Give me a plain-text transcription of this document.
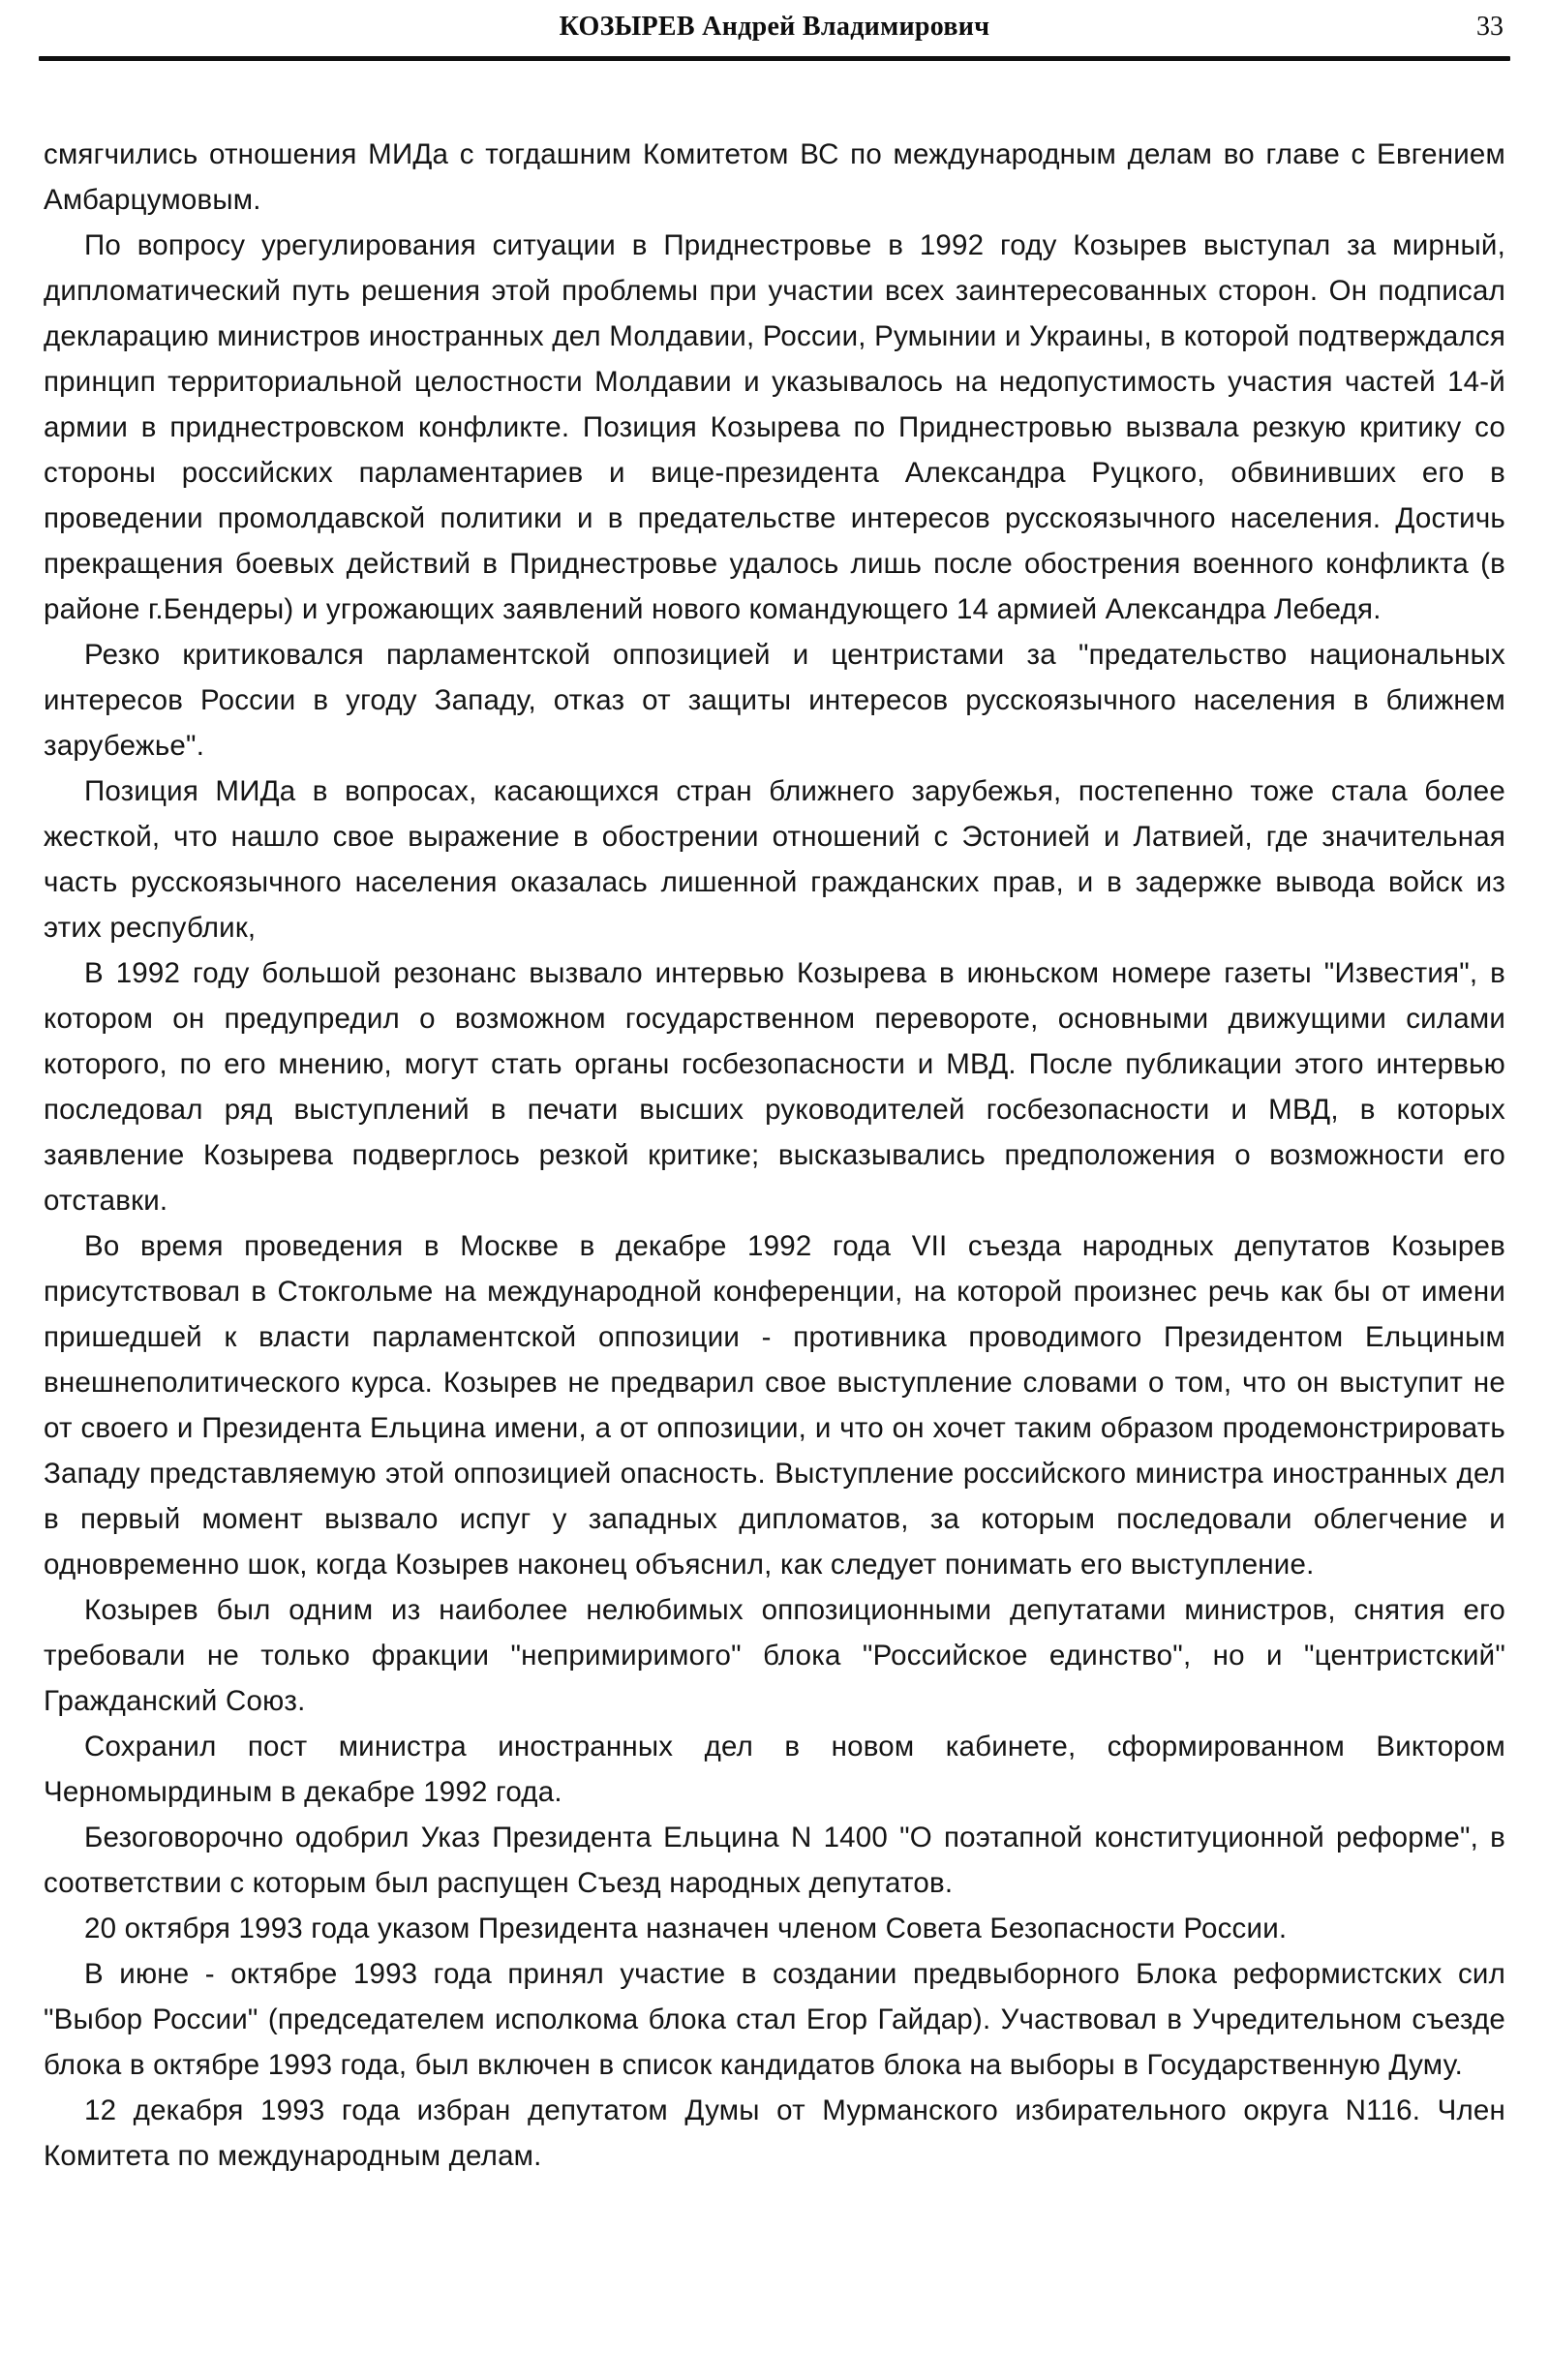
КОЗЫРЕВ Андрей Владимирович	33

смягчились отношения МИДа с тогдашним Комитетом ВС по международным делам во главе с Евгением Амбарцумовым.

По вопросу урегулирования ситуации в Приднестровье в 1992 году Козырев выступал за мирный, дипломатический путь решения этой проблемы при участии всех заинтересованных сторон. Он подписал декларацию министров иностранных дел Молдавии, России, Румынии и Украины, в которой подтверждался принцип территориальной целостности Молдавии и указывалось на недопустимость участия частей 14-й армии в приднестровском конфликте. Позиция Козырева по Приднестровью вызвала резкую критику со стороны российских парламентариев и вице-президента Александра Руцкого, обвинивших его в проведении промолдавской политики и в предательстве интересов русскоязычного населения. Достичь прекращения боевых действий в Приднестровье удалось лишь после обострения военного конфликта (в районе г.Бендеры) и угрожающих заявлений нового командующего 14 армией Александра Лебедя.

Резко критиковался парламентской оппозицией и центристами за "предательство национальных интересов России в угоду Западу, отказ от защиты интересов русскоязычного населения в ближнем зарубежье".

Позиция МИДа в вопросах, касающихся стран ближнего зарубежья, постепенно тоже стала более жесткой, что нашло свое выражение в обострении отношений с Эстонией и Латвией, где значительная часть русскоязычного населения оказалась лишенной гражданских прав, и в задержке вывода войск из этих республик,

В 1992 году большой резонанс вызвало интервью Козырева в июньском номере газеты "Известия", в котором он предупредил о возможном государственном перевороте, основными движущими силами которого, по его мнению, могут стать органы госбезопасности и МВД. После публикации этого интервью последовал ряд выступлений в печати высших руководителей госбезопасности и МВД, в которых заявление Козырева подверглось резкой критике; высказывались предположения о возможности его отставки.

Во время проведения в Москве в декабре 1992 года VII съезда народных депутатов Козырев присутствовал в Стокгольме на международной конференции, на которой произнес речь как бы от имени пришедшей к власти парламентской оппозиции - противника проводимого Президентом Ельциным внешнеполитического курса. Козырев не предварил свое выступление словами о том, что он выступит не от своего и Президента Ельцина имени, а от оппозиции, и что он хочет таким образом продемонстрировать Западу представляемую этой оппозицией опасность. Выступление российского министра иностранных дел в первый момент вызвало испуг у западных дипломатов, за которым последовали облегчение и одновременно шок, когда Козырев наконец объяснил, как следует понимать его выступление.

Козырев был одним из наиболее нелюбимых оппозиционными депутатами министров, снятия его требовали не только фракции "непримиримого" блока "Российское единство", но и "центристский" Гражданский Союз.

Сохранил пост министра иностранных дел в новом кабинете, сформированном Виктором Черномырдиным в декабре 1992 года.

Безоговорочно одобрил Указ Президента Ельцина N 1400 "О поэтапной конституционной реформе", в соответствии с которым был распущен Съезд народных депутатов.

20 октября 1993 года указом Президента назначен членом Совета Безопасности России.

В июне - октябре 1993 года принял участие в создании предвыборного Блока реформистских сил "Выбор России" (председателем исполкома блока стал Егор Гайдар). Участвовал в Учредительном съезде блока в октябре 1993 года, был включен в список кандидатов блока на выборы в Государственную Думу.

12 декабря 1993 года избран депутатом Думы от Мурманского избирательного округа N116. Член Комитета по международным делам.
